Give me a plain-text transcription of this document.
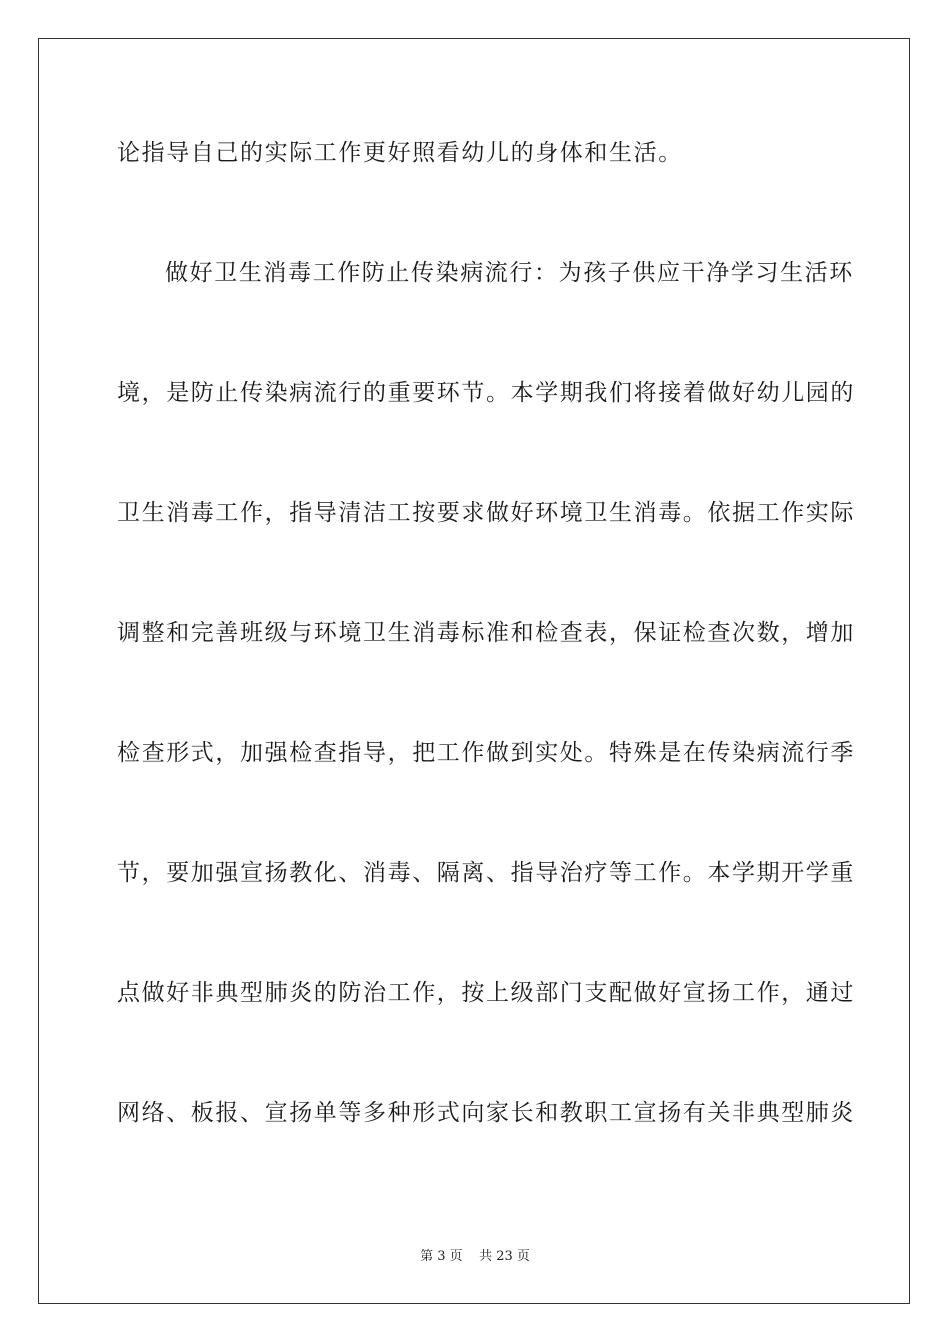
论指导自己的实际工作更好照看幼儿的身体和生活。
做好卫生消毒工作防止传染病流行：为孩子供应干净学习生活环
境，是防止传染病流行的重要环节。本学期我们将接着做好幼儿园的
卫生消毒工作，指导清洁工按要求做好环境卫生消毒。依据工作实际
调整和完善班级与环境卫生消毒标准和检查表，保证检查次数，增加
检查形式，加强检查指导，把工作做到实处。特殊是在传染病流行季
节，要加强宣扬教化、消毒、隔离、指导治疗等工作。本学期开学重
点做好非典型肺炎的防治工作，按上级部门支配做好宣扬工作，通过
网络、板报、宣扬单等多种形式向家长和教职工宣扬有关非典型肺炎
第 3 页    共 23 页
